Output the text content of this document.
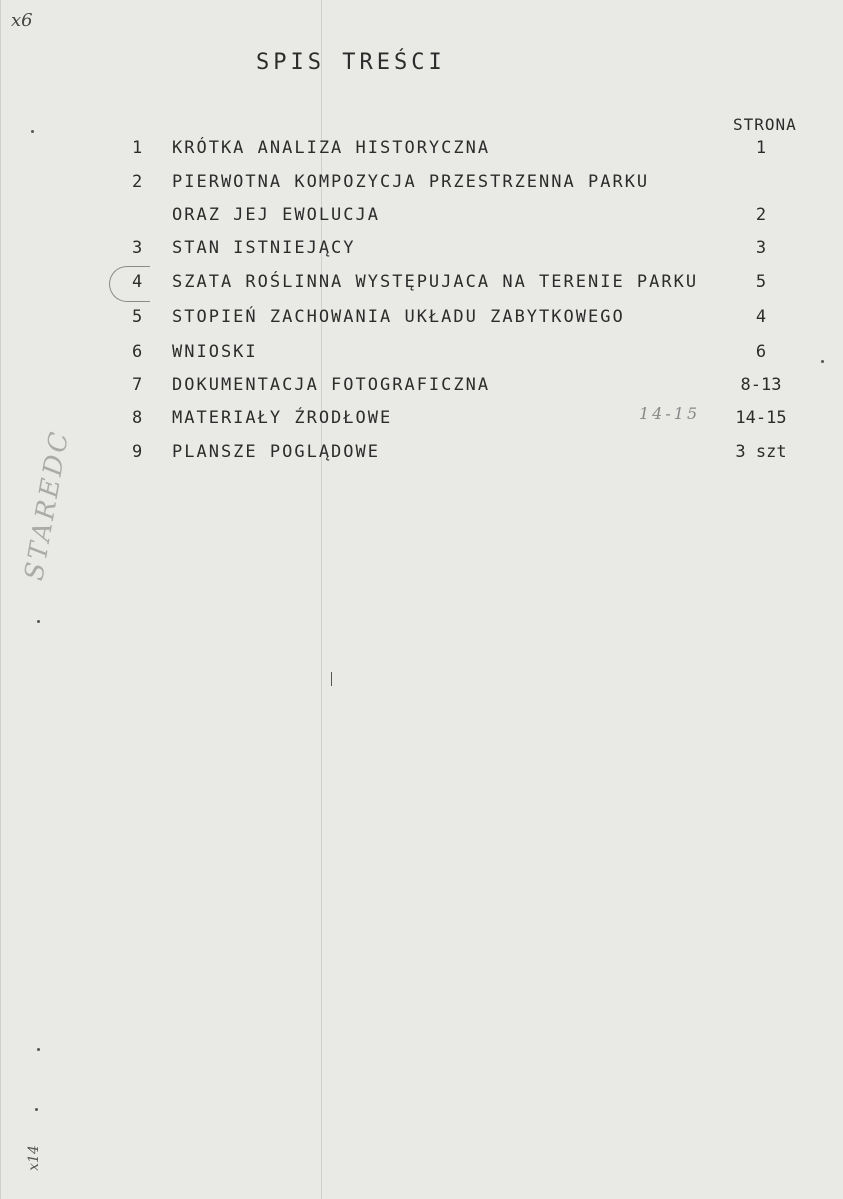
x6
STAREDC
x14
SPIS TREŚCI
STRONA
1 KRÓTKA ANALIZA HISTORYCZNA	1
2 PIERWOTNA KOMPOZYCJA PRZESTRZENNA PARKU
ORAZ JEJ EWOLUCJA	2
3 STAN ISTNIEJĄCY	3
4 SZATA ROŚLINNA WYSTĘPUJACA NA TERENIE PARKU	5
5 STOPIEŃ ZACHOWANIA UKŁADU ZABYTKOWEGO	4
6 WNIOSKI	6
7 DOKUMENTACJA FOTOGRAFICZNA	8-13
8 MATERIAŁY ŹRODŁOWE	14-15
9 PLANSZE POGLĄDOWE	3 szt
14-15
